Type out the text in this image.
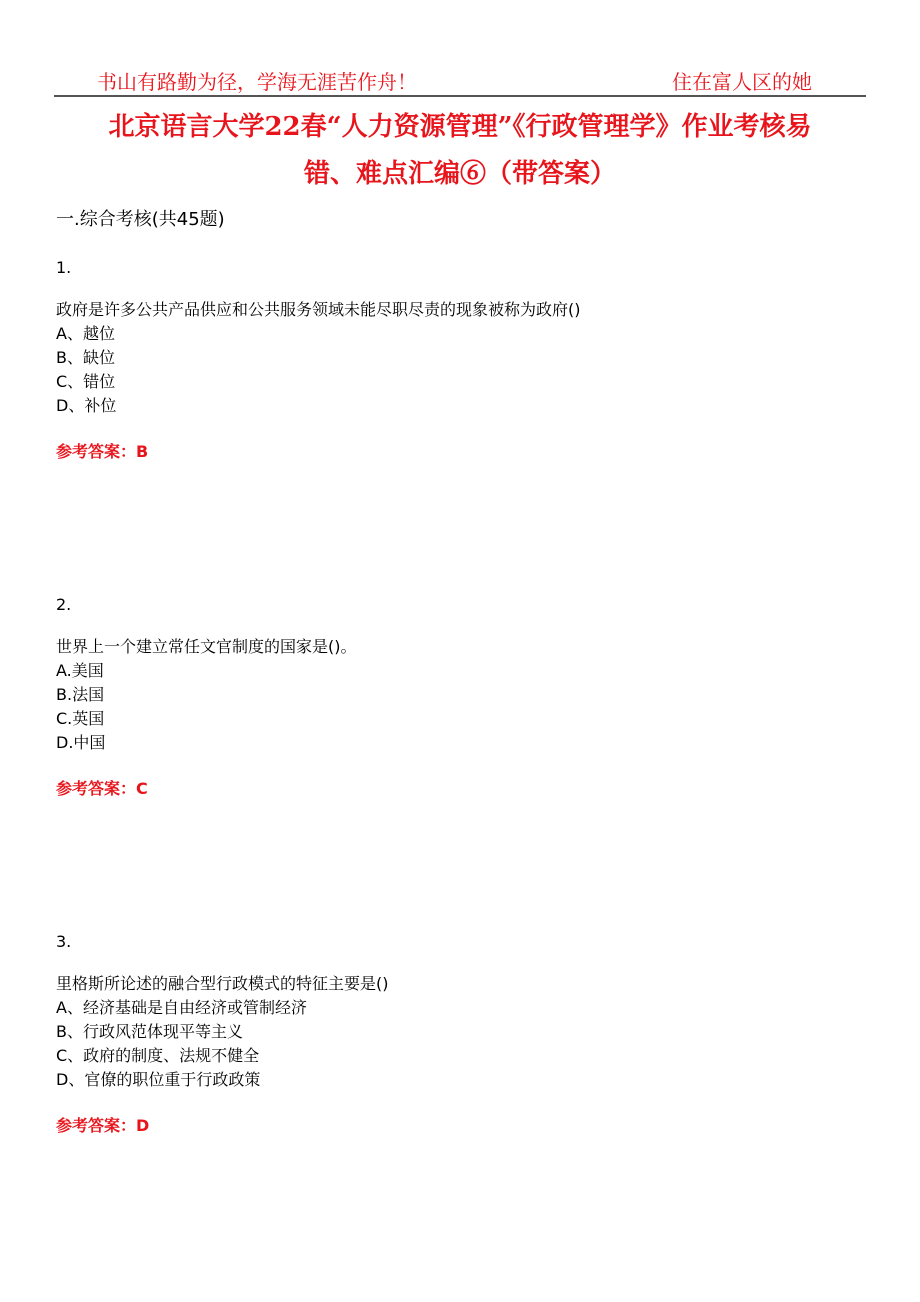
书山有路勤为径，学海无涯苦作舟！	住在富人区的她
北京语言大学22春“人力资源管理”《行政管理学》作业考核易
错、难点汇编⑥（带答案）
一.综合考核(共45题)
1.
政府是许多公共产品供应和公共服务领域未能尽职尽责的现象被称为政府()
A、越位
B、缺位
C、错位
D、补位
参考答案：B
2.
世界上一个建立常任文官制度的国家是()。
A.美国
B.法国
C.英国
D.中国
参考答案：C
3.
里格斯所论述的融合型行政模式的特征主要是()
A、经济基础是自由经济或管制经济
B、行政风范体现平等主义
C、政府的制度、法规不健全
D、官僚的职位重于行政政策
参考答案：D
